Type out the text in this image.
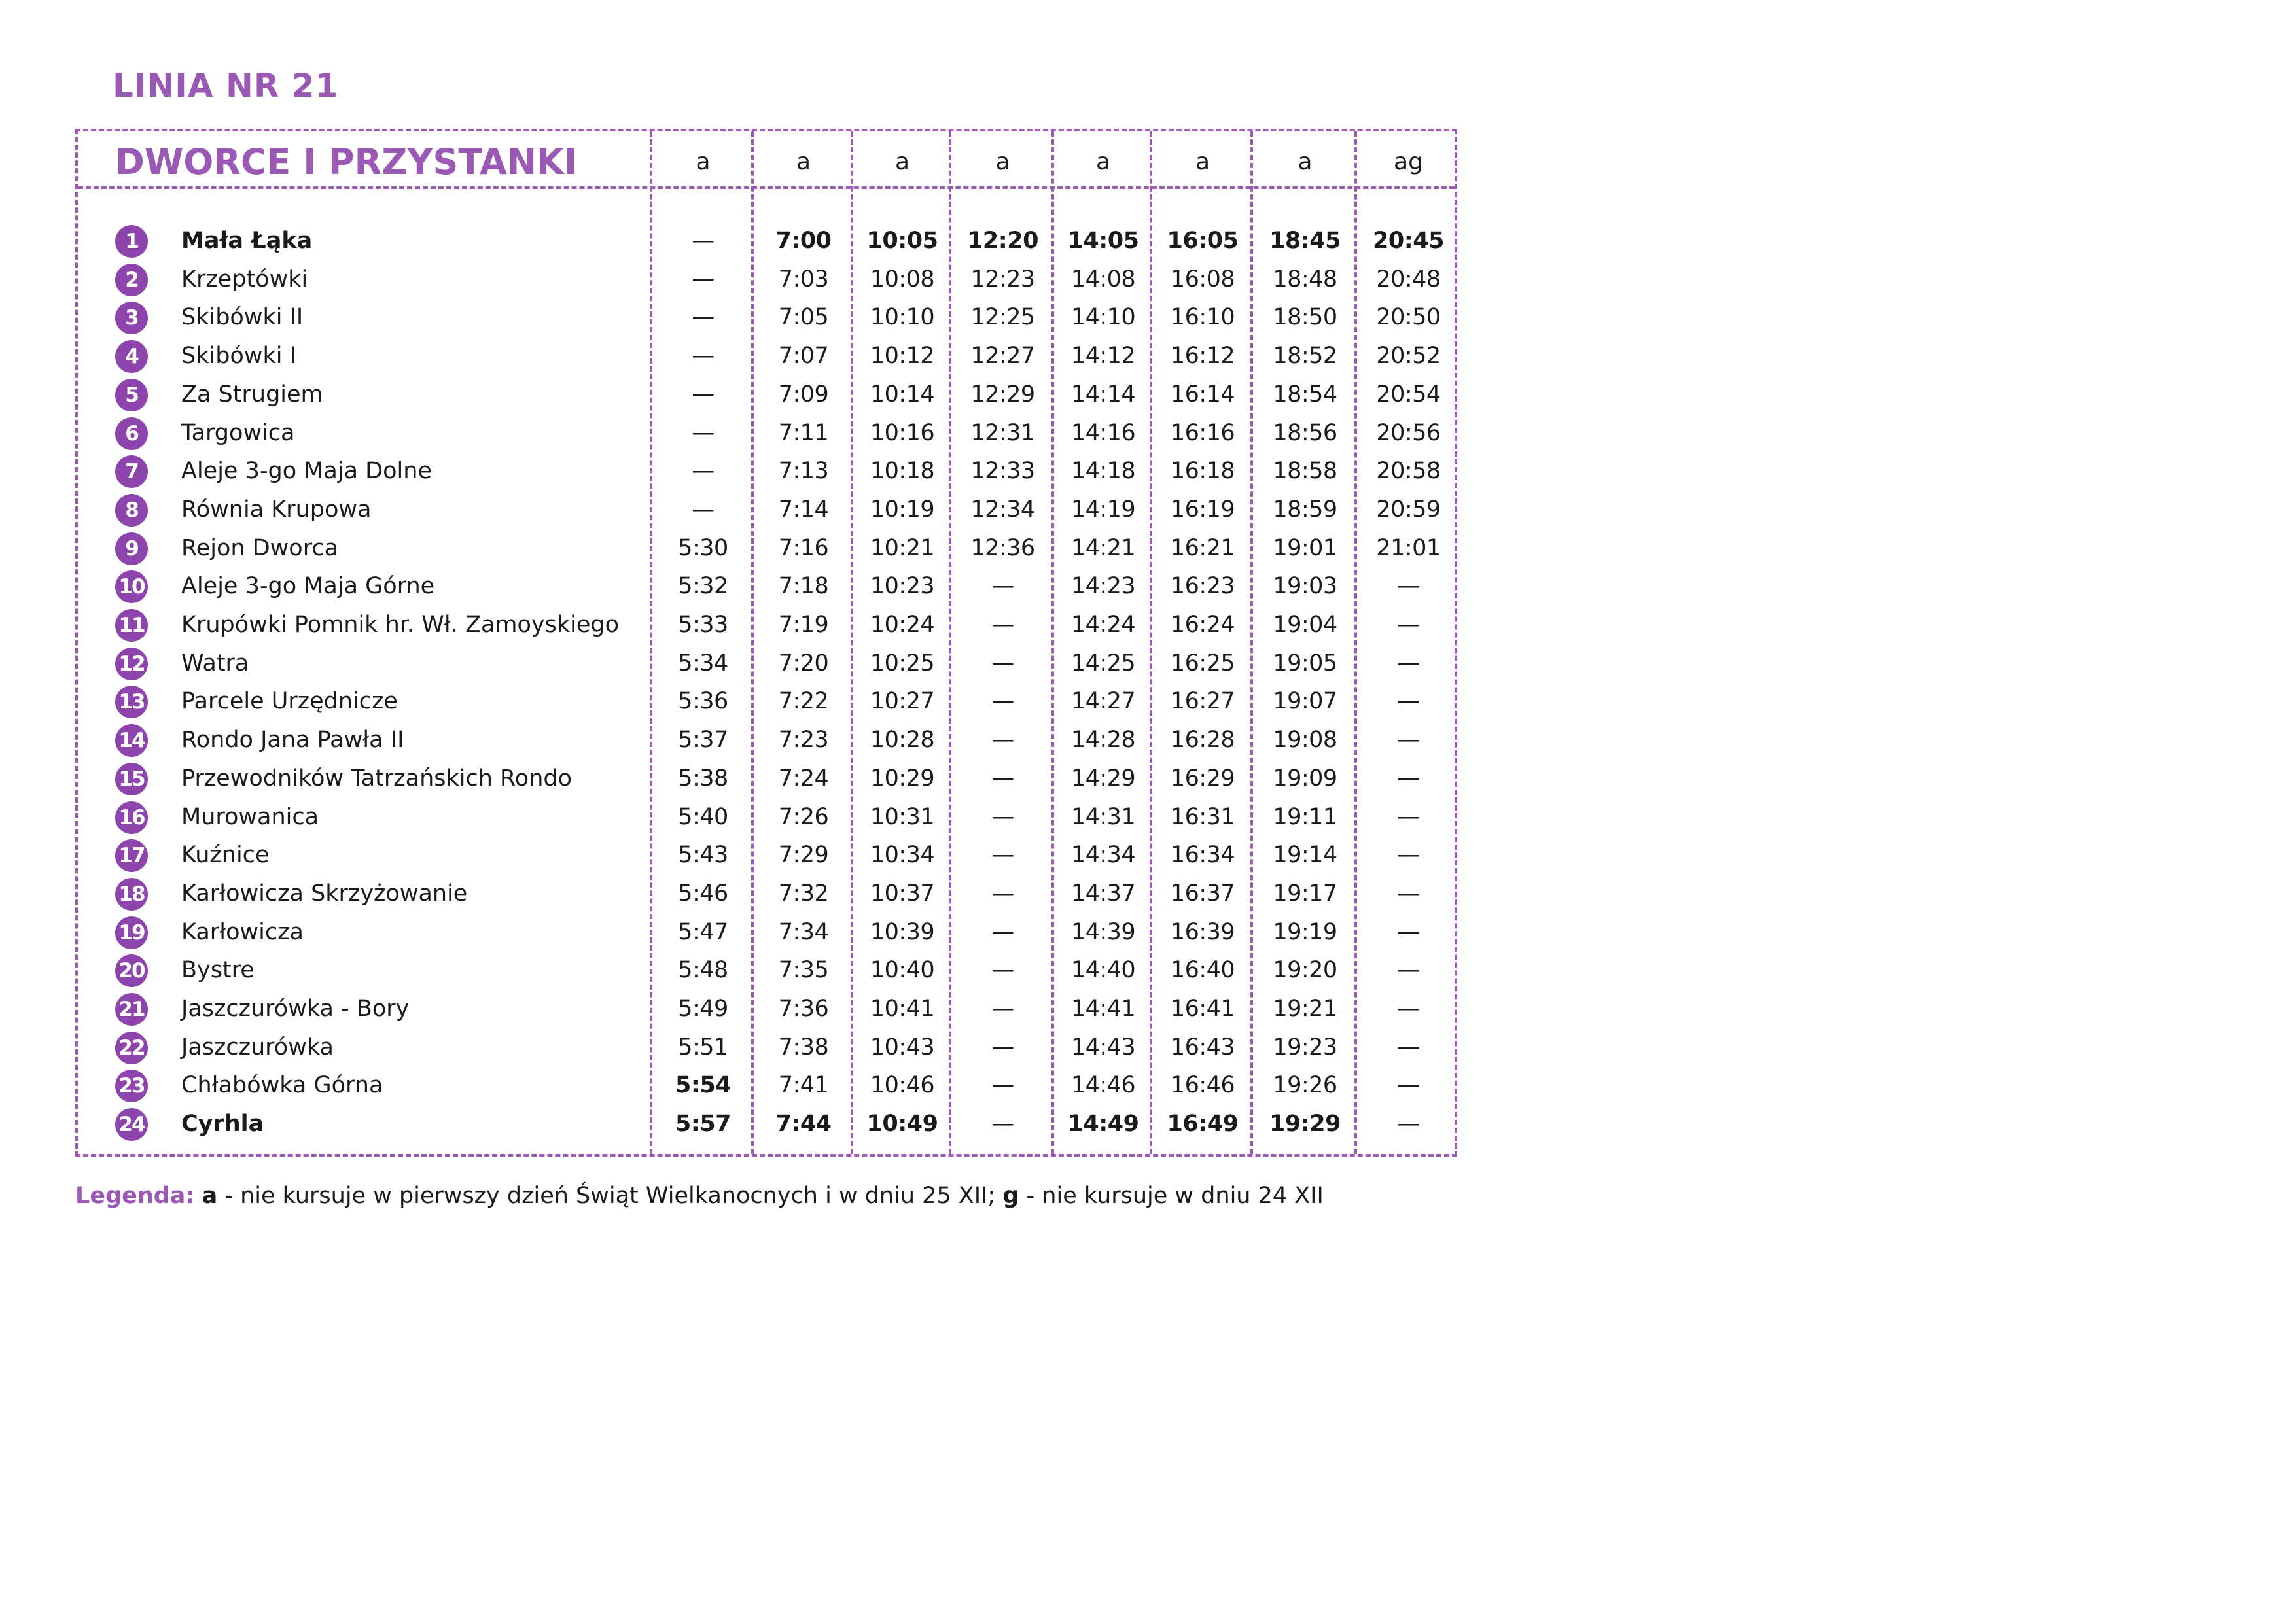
LINIA NR 21
DWORCE I PRZYSTANKI
1	Mała Łąka	—	7:00	10:05	12:20	14:05	16:05	18:45	20:45
2	Krzeptówki	—	7:03	10:08	12:23	14:08	16:08	18:48	20:48
3	Skibówki II	—	7:05	10:10	12:25	14:10	16:10	18:50	20:50
4	Skibówki I	—	7:07	10:12	12:27	14:12	16:12	18:52	20:52
5	Za Strugiem	—	7:09	10:14	12:29	14:14	16:14	18:54	20:54
6	Targowica	—	7:11	10:16	12:31	14:16	16:16	18:56	20:56
7	Aleje 3-go Maja Dolne	—	7:13	10:18	12:33	14:18	16:18	18:58	20:58
8	Równia Krupowa	—	7:14	10:19	12:34	14:19	16:19	18:59	20:59
9	Rejon Dworca	5:30	7:16	10:21	12:36	14:21	16:21	19:01	21:01
10 Aleje 3-go Maja Górne	5:32	7:18	10:23	—	14:23	16:23	19:03	—
11 Krupówki Pomnik hr. Wł. Zamoyskiego	5:33	7:19	10:24	—	14:24	16:24	19:04	—
12 Watra	5:34	7:20	10:25	—	14:25	16:25	19:05	—
13 Parcele Urzędnicze	5:36	7:22	10:27	—	14:27	16:27	19:07	—
14 Rondo Jana Pawła II	5:37	7:23	10:28	—	14:28	16:28	19:08	—
15 Przewodników Tatrzańskich Rondo	5:38	7:24	10:29	—	14:29	16:29	19:09	—
16 Murowanica	5:40	7:26	10:31	—	14:31	16:31	19:11	—
17 Kuźnice	5:43	7:29	10:34	—	14:34	16:34	19:14	—
18 Karłowicza Skrzyżowanie	5:46	7:32	10:37	—	14:37	16:37	19:17	—
19 Karłowicza	5:47	7:34	10:39	—	14:39	16:39	19:19	—
20 Bystre	5:48	7:35	10:40	—	14:40	16:40	19:20	—
21 Jaszczurówka - Bory	5:49	7:36	10:41	—	14:41	16:41	19:21	—
22 Jaszczurówka	5:51	7:38	10:43	—	14:43	16:43	19:23	—
23 Chłabówka Górna	5:54	7:41	10:46	—	14:46	16:46	19:26	—
24 Cyrhla	5:57	7:44	10:49	—	14:49	16:49	19:29	—
a	a	a	a	a	a	a	ag
Legenda: a - nie kursuje w pierwszy dzień Świąt Wielkanocnych i w dniu 25 XII; g - nie kursuje w dniu 24 XII
